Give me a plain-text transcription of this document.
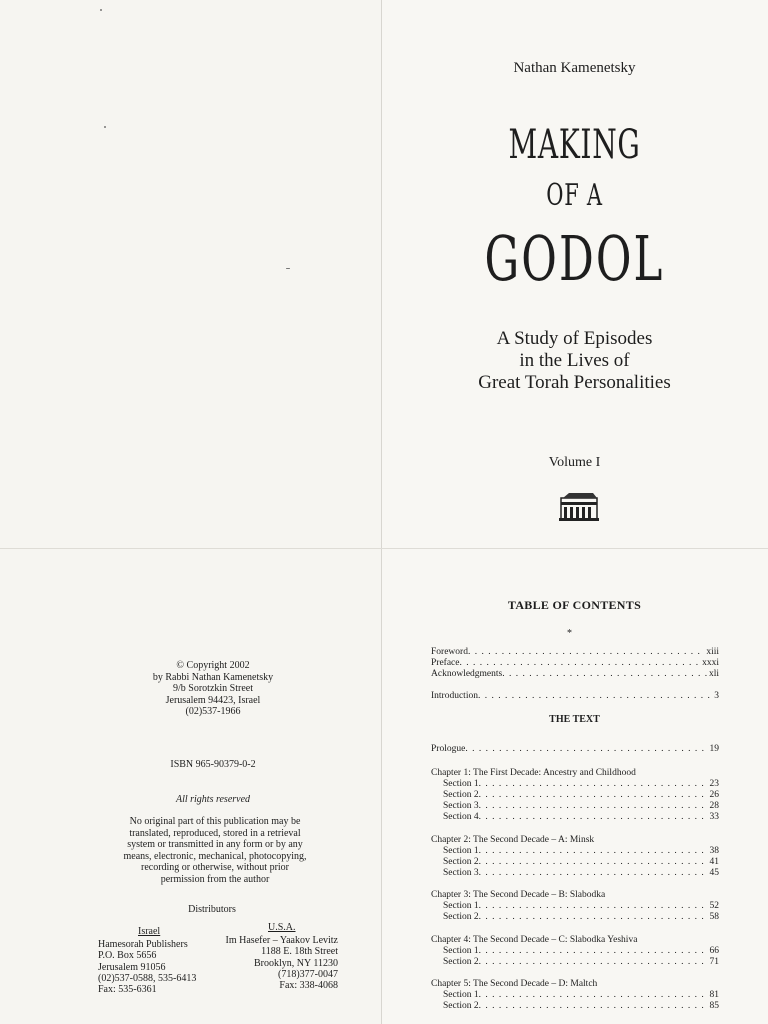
Nathan Kamenetsky
MAKING
OF A
GODOL
A Study of Episodes
in the Lives of
Great Torah Personalities
Volume I
© Copyright 2002
by Rabbi Nathan Kamenetsky
9/b Sorotzkin Street
Jerusalem 94423, Israel
(02)537-1966
ISBN 965-90379-0-2
All rights reserved
No original part of this publication may be
translated, reproduced, stored in a retrieval
system or transmitted in any form or by any
means, electronic, mechanical, photocopying,
recording or otherwise, without prior
permission from the author
Distributors
Israel	U.S.A.
Hamesorah Publishers
P.O. Box 5656
Jerusalem 91056
(02)537-0588, 535-6413
Fax: 535-6361
Im Hasefer – Yaakov Levitz
1188 E. 18th Street
Brooklyn, NY 11230
(718)377-0047
Fax: 338-4068
TABLE OF CONTENTS
*
Foreword . . .	xiii
Preface . . .	xxxi
Acknowledgments . . .	xli
Introduction . . .	3
THE TEXT
Prologue . . .	19
Chapter 1: The First Decade: Ancestry and Childhood
Section 1 . . .	23
Section 2 . . .	26
Section 3 . . .	28
Section 4 . . .	33
Chapter 2: The Second Decade – A: Minsk
Section 1 . . .	38
Section 2 . . .	41
Section 3 . . .	45
Chapter 3: The Second Decade – B: Slabodka
Section 1 . . .	52
Section 2 . . .	58
Chapter 4: The Second Decade – C: Slabodka Yeshiva
Section 1 . . .	66
Section 2 . . .	71
Chapter 5: The Second Decade – D: Maltch
Section 1 . . .	81
Section 2 . . .	85
